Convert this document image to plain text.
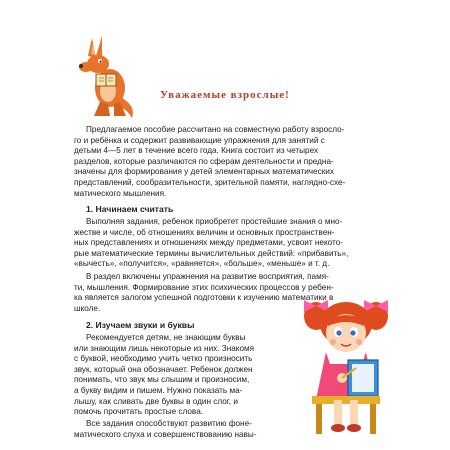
Уважаемые взрослые!
Предлагаемое пособие рассчитано на совместную работу взросло-
го и ребёнка и содержит развивающие упражнения для занятий с
детьми 4—5 лет в течение всего года. Книга состоит из четырех
разделов, которые различаются по сферам деятельности и предна-
значены для формирования у детей элементарных математических
представлений, сообразительности, зрительной памяти, наглядно-схе-
матического мышления.

1. Начинаем считать

Выполняя задания, ребенок приобретет простейшие знания о мно-
жестве и числе, об отношениях величин и основных пространствен-
ных представлениях и отношениях между предметами, усвоит некото-
рые математические термины вычислительных действий: «прибавить»,
«вычесть», «получится», «равняется», «больше», «меньше» и т. д.
В раздел включены упражнения на развитие восприятия, памя-
ти, мышления. Формирование этих психических процессов у ребен-
ка является залогом успешной подготовки к изучению математики в
школе.

2. Изучаем звуки и буквы

Рекомендуется детям, не знающим буквы
или знающим лишь некоторые из них. Знакомя
с буквой, необходимо учить четко произносить
звук, который она обозначает. Ребенок должен
понимать, что звук мы слышим и произносим,
а букву видим и пишем. Нужно показать ма-
лышу, как сливать две буквы в один слог, и
помочь прочитать простые слова.
Все задания способствуют развитию фоне-
матического слуха и совершенствованию навы-
